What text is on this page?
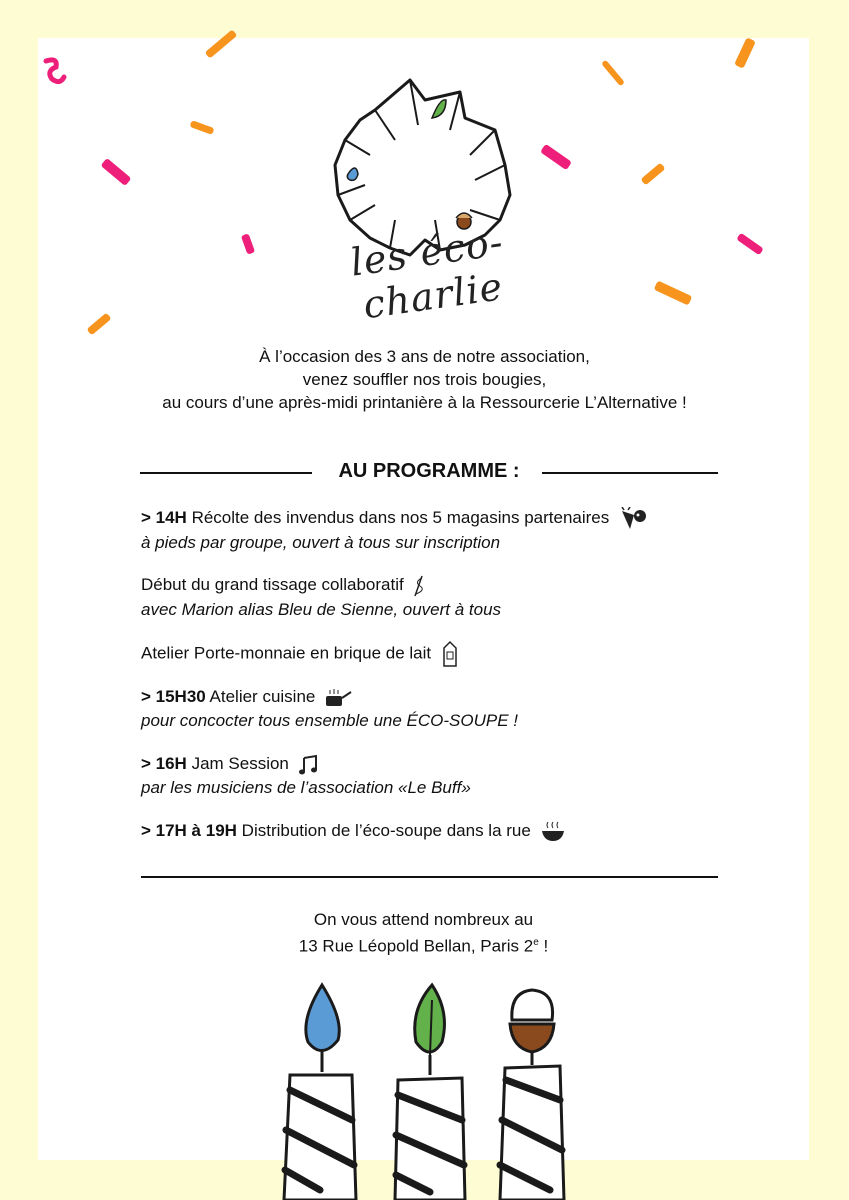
les éco-charlie
À l’occasion des 3 ans de notre association,
venez souffler nos trois bougies,
au cours d’une après-midi printanière à la Ressourcerie L’Alternative !
AU PROGRAMME :
> 14H Récolte des invendus dans nos 5 magasins partenaires
à pieds par groupe, ouvert à tous sur inscription
Début du grand tissage collaboratif
avec Marion alias Bleu de Sienne, ouvert à tous
Atelier Porte-monnaie en brique de lait
> 15H30 Atelier cuisine
pour concocter tous ensemble une ÉCO-SOUPE !
> 16H Jam Session
par les musiciens de l’association «Le Buff»
> 17H à 19H Distribution de l’éco-soupe dans la rue
On vous attend nombreux au
13 Rue Léopold Bellan, Paris 2e !
